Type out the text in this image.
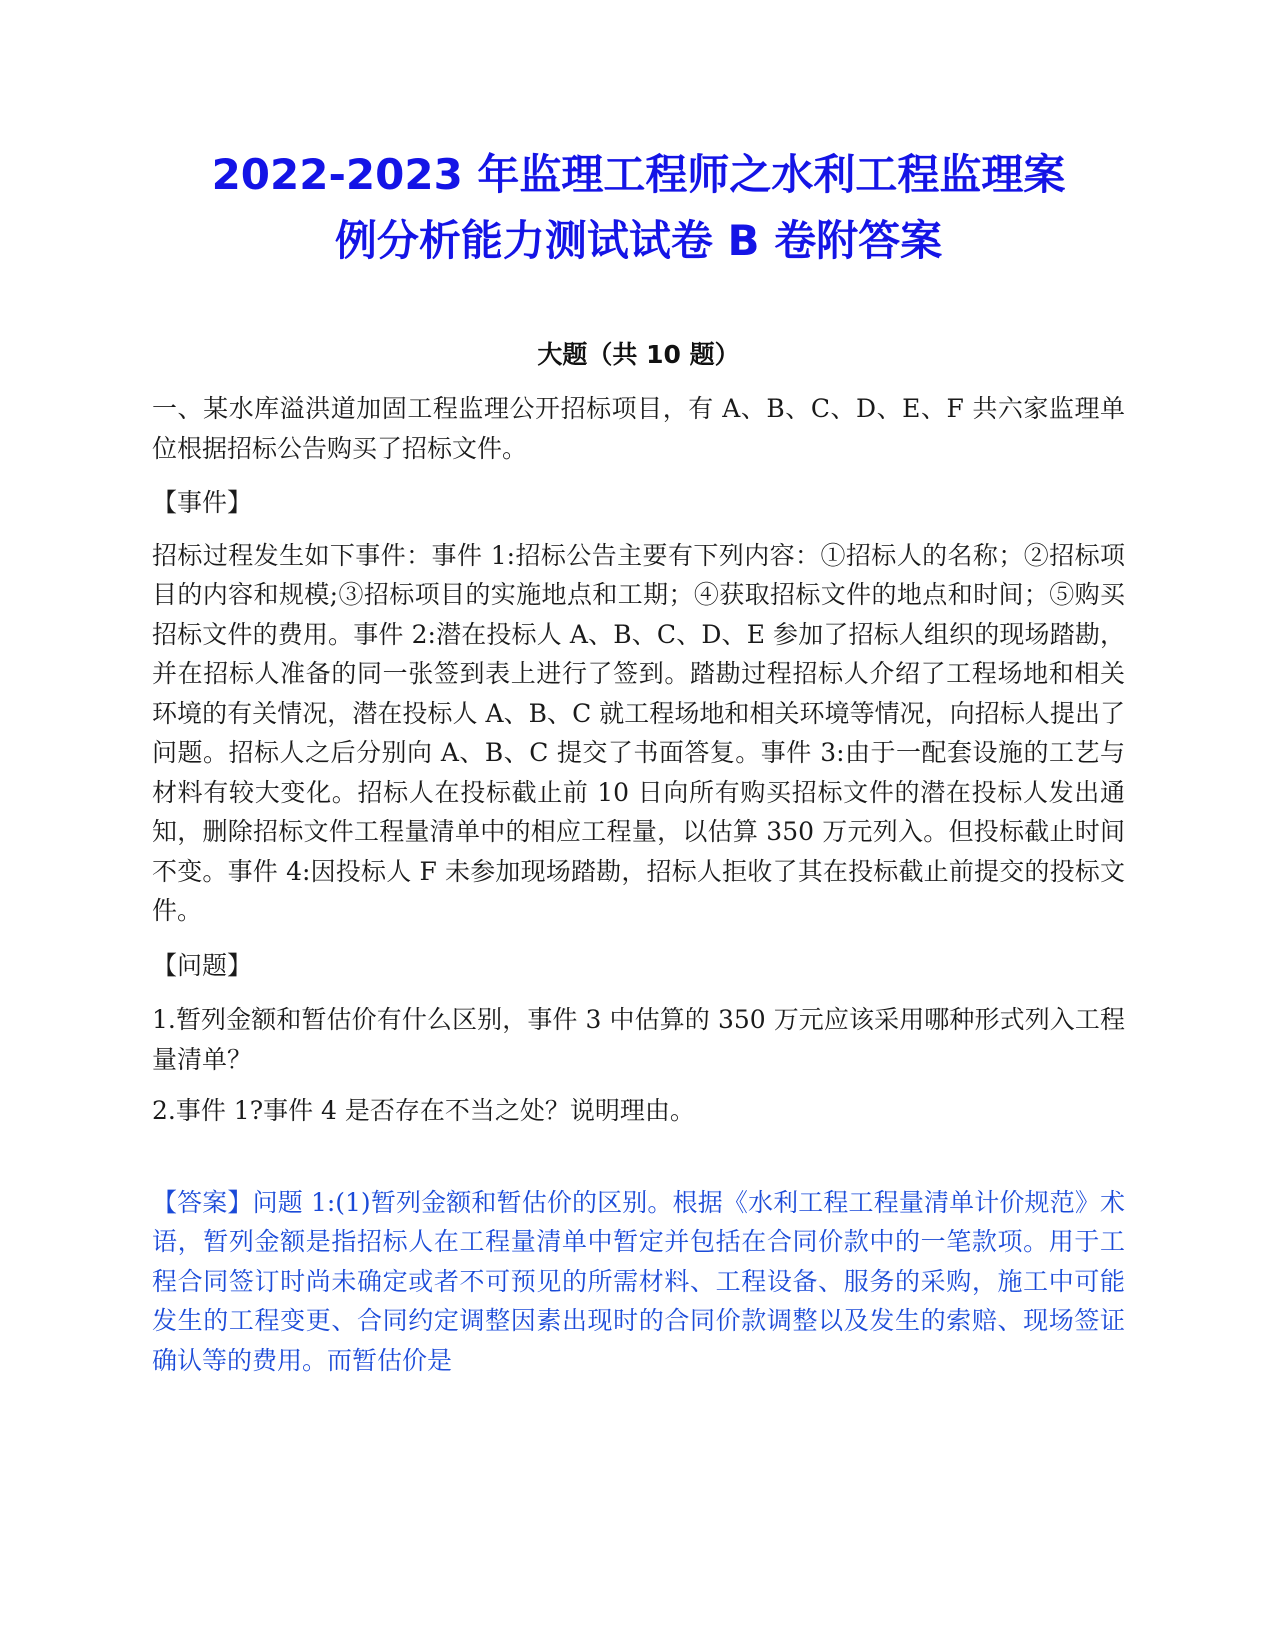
2022-2023 年监理工程师之水利工程监理案
例分析能力测试试卷 B 卷附答案
大题（共 10 题）

一、某水库溢洪道加固工程监理公开招标项目，有 A、B、C、D、E、F 共六家监理单位根据招标公告购买了招标文件。

【事件】

招标过程发生如下事件：事件 1:招标公告主要有下列内容：①招标人的名称；②招标项目的内容和规模;③招标项目的实施地点和工期；④获取招标文件的地点和时间；⑤购买招标文件的费用。事件 2:潜在投标人 A、B、C、D、E 参加了招标人组织的现场踏勘，并在招标人准备的同一张签到表上进行了签到。踏勘过程招标人介绍了工程场地和相关环境的有关情况，潜在投标人 A、B、C 就工程场地和相关环境等情况，向招标人提出了问题。招标人之后分别向 A、B、C 提交了书面答复。事件 3:由于一配套设施的工艺与材料有较大变化。招标人在投标截止前 10 日向所有购买招标文件的潜在投标人发出通知，删除招标文件工程量清单中的相应工程量，以估算 350 万元列入。但投标截止时间不变。事件 4:因投标人 F 未参加现场踏勘，招标人拒收了其在投标截止前提交的投标文件。

【问题】

1.暂列金额和暂估价有什么区别，事件 3 中估算的 350 万元应该采用哪种形式列入工程量清单？

2.事件 1?事件 4 是否存在不当之处？说明理由。

【答案】问题 1:(1)暂列金额和暂估价的区别。根据《水利工程工程量清单计价规范》术语，暂列金额是指招标人在工程量清单中暂定并包括在合同价款中的一笔款项。用于工程合同签订时尚未确定或者不可预见的所需材料、工程设备、服务的采购，施工中可能发生的工程变更、合同约定调整因素出现时的合同价款调整以及发生的索赔、现场签证确认等的费用。而暂估价是
